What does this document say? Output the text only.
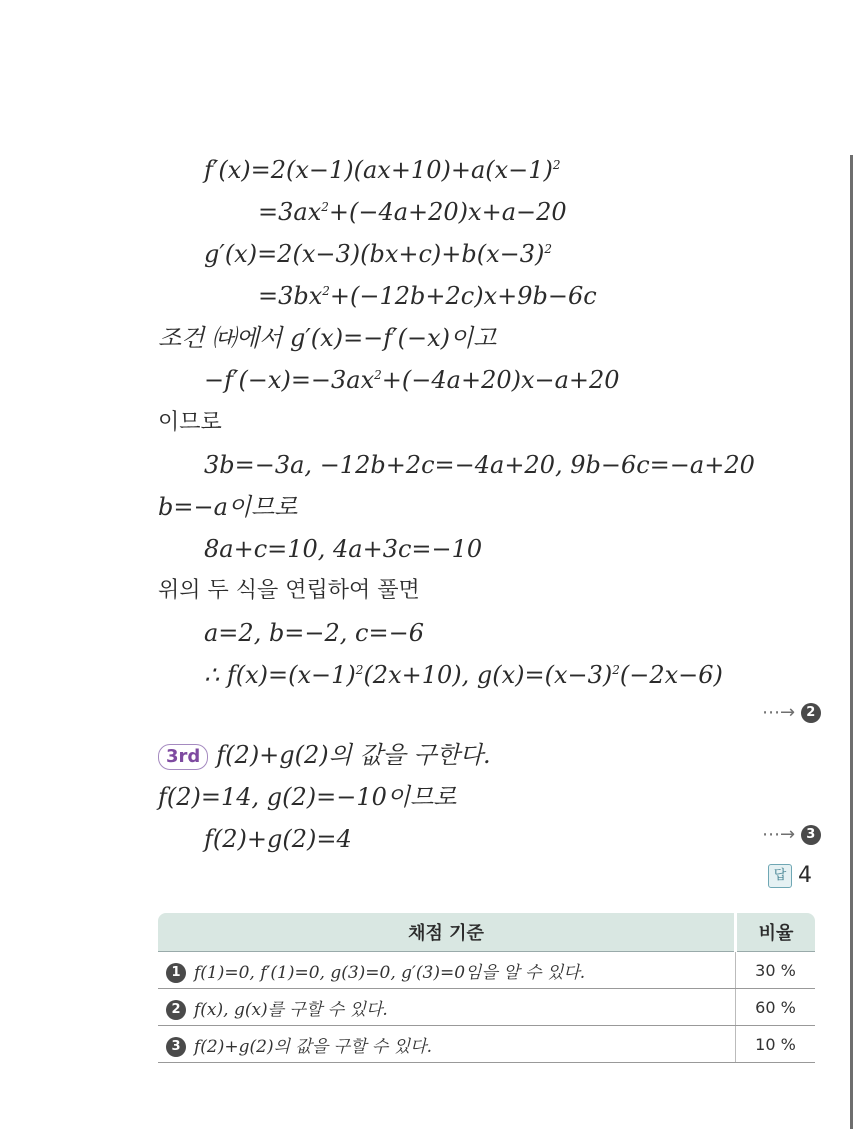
$f'(x)=2(x-1)(ax+10)+a(x-1)^2$
$=3ax^2+(-4a+20)x+a-20$
$g'(x)=2(x-3)(bx+c)+b(x-3)^2$
$=3bx^2+(-12b+2c)x+9b-6c$
조건 ㈐에서 g′(x)=−f′(−x)이고
$-f'(-x)=-3ax^2+(-4a+20)x-a+20$
이므로
3b=−3a, −12b+2c=−4a+20, 9b−6c=−a+20
b=−a이므로
8a+c=10, 4a+3c=−10
위의 두 식을 연립하여 풀면
a=2, b=−2, c=−6
∴ $f(x)=(x-1)^2(2x+10)$, $g(x)=(x-3)^2(-2x-6)$
⋯→ 2
3rd f(2)+g(2)의 값을 구한다.
f(2)=14, g(2)=−10이므로
f(2)+g(2)=4	⋯→ 3
답 4
채점 기준	비율
1 f(1)=0, f′(1)=0, g(3)=0, g′(3)=0임을 알 수 있다.	30 %
2 f(x), g(x)를 구할 수 있다.	60 %
3 f(2)+g(2)의 값을 구할 수 있다.	10 %
